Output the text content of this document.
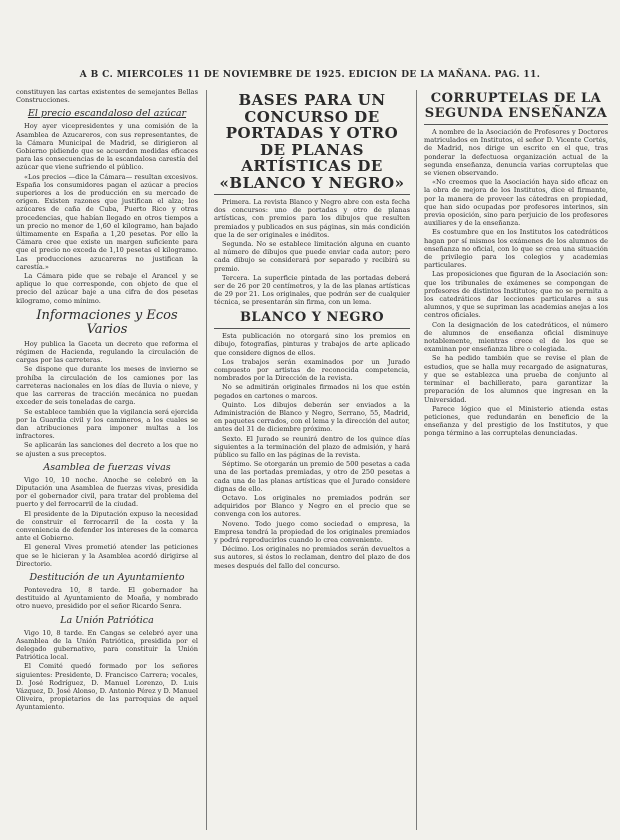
A B C. MIERCOLES 11 DE NOVIEMBRE DE 1925. EDICION DE LA MAÑANA. PAG. 11.

constituyen las cartas existentes de semejantes Bellas Construcciones.

El precio escandaloso del azúcar

Hoy ayer vicepresidentes y una comisión de la Asamblea de Azucareros, con sus representantes, de la Cámara Municipal de Madrid, se dirigieron al Gobierno pidiendo que se acuerden medidas eficaces para las consecuencias de la escandalosa carestía del azúcar que viene sufriendo el público.

«Los precios —dice la Cámara— resultan excesivos. España los consumidores pagan el azúcar a precios superiores a los de producción en su mercado de origen. Existen razones que justifican el alza; los azúcares de caña de Cuba, Puerto Rico y otras procedencias, que habían llegado en otros tiempos a un precio no menor de 1,60 el kilogramo, han bajado últimamente en España a 1,20 pesetas. Por ello la Cámara cree que existe un margen suficiente para que el precio no exceda de 1,10 pesetas el kilogramo. Las producciones azucareras no justifican la carestía.»

La Cámara pide que se rebaje el Arancel y se aplique lo que corresponde, con objeto de que el precio del azúcar baje a una cifra de dos pesetas kilogramo, como mínimo.

Informaciones y Ecos Varios

Hoy publica la Gaceta un decreto que reforma el régimen de Hacienda, regulando la circulación de cargas por las carreteras.

Se dispone que durante los meses de invierno se prohíba la circulación de los camiones por las carreteras nacionales en los días de lluvia o nieve, y que las carreras de tracción mecánica no puedan exceder de seis toneladas de carga.

Se establece también que la vigilancia será ejercida por la Guardia civil y los camineros, a los cuales se dan atribuciones para imponer multas a los infractores.

Se aplicarán las sanciones del decreto a los que no se ajusten a sus preceptos.

Asamblea de fuerzas vivas

Vigo 10, 10 noche. Anoche se celebró en la Diputación una Asamblea de fuerzas vivas, presidida por el gobernador civil, para tratar del problema del puerto y del ferrocarril de la ciudad.

El presidente de la Diputación expuso la necesidad de construir el ferrocarril de la costa y la conveniencia de defender los intereses de la comarca ante el Gobierno.

El general Vives prometió atender las peticiones que se le hicieran y la Asamblea acordó dirigirse al Directorio.

Destitución de un Ayuntamiento

Pontevedra 10, 8 tarde. El gobernador ha destituido al Ayuntamiento de Moaña, y nombrado otro nuevo, presidido por el señor Ricardo Senra.

La Unión Patriótica

Vigo 10, 8 tarde. En Cangas se celebró ayer una Asamblea de la Unión Patriótica, presidida por el delegado gubernativo, para constituir la Unión Patriótica local.

El Comité quedó formado por los señores siguientes: Presidente, D. Francisco Carrera; vocales, D. José Rodríguez, D. Manuel Lorenzo, D. Luis Vázquez, D. José Alonso, D. Antonio Pérez y D. Manuel Oliveira, propietarios de las parroquias de aquel Ayuntamiento.

BASES PARA UN CONCURSO DE PORTADAS Y OTRO DE PLANAS ARTÍSTICAS DE «BLANCO Y NEGRO»

Primera. La revista Blanco y Negro abre con esta fecha dos concursos: uno de portadas y otro de planas artísticas, con premios para los dibujos que resulten premiados y publicados en sus páginas, sin más condición que la de ser originales e inéditos.

Segunda. No se establece limitación alguna en cuanto al número de dibujos que puede enviar cada autor; pero cada dibujo se considerará por separado y recibirá su premio.

Tercera. La superficie pintada de las portadas deberá ser de 26 por 20 centímetros, y la de las planas artísticas de 29 por 21. Los originales, que podrán ser de cualquier técnica, se presentarán sin firma, con un lema.

BLANCO Y NEGRO

Esta publicación no otorgará sino los premios en dibujo, fotografías, pinturas y trabajos de arte aplicado que considere dignos de ellos.

Los trabajos serán examinados por un Jurado compuesto por artistas de reconocida competencia, nombrados por la Dirección de la revista.

No se admitirán originales firmados ni los que estén pegados en cartones o marcos.

Quinto. Los dibujos deberán ser enviados a la Administración de Blanco y Negro, Serrano, 55, Madrid, en paquetes cerrados, con el lema y la dirección del autor, antes del 31 de diciembre próximo.

Sexto. El Jurado se reunirá dentro de los quince días siguientes a la terminación del plazo de admisión, y hará público su fallo en las páginas de la revista.

Séptimo. Se otorgarán un premio de 500 pesetas a cada una de las portadas premiadas, y otro de 250 pesetas a cada una de las planas artísticas que el Jurado considere dignas de ello.

Octavo. Los originales no premiados podrán ser adquiridos por Blanco y Negro en el precio que se convenga con los autores.

Noveno. Todo juego como sociedad o empresa, la Empresa tendrá la propiedad de los originales premiados y podrá reproducirlos cuando lo crea conveniente.

Décimo. Los originales no premiados serán devueltos a sus autores, si éstos lo reclaman, dentro del plazo de dos meses después del fallo del concurso.

CORRUPTELAS DE LA SEGUNDA ENSEÑANZA

A nombre de la Asociación de Profesores y Doctores matriculados en Institutos, el señor D. Vicente Cortés, de Madrid, nos dirige un escrito en el que, tras ponderar la defectuosa organización actual de la segunda enseñanza, denuncia varias corruptelas que se vienen observando.

«No creemos que la Asociación haya sido eficaz en la obra de mejora de los Institutos, dice el firmante, por la manera de proveer las cátedras en propiedad, que han sido ocupadas por profesores interinos, sin previa oposición, sino para perjuicio de los profesores auxiliares y de la enseñanza.

Es costumbre que en los Institutos los catedráticos hagan por sí mismos los exámenes de los alumnos de enseñanza no oficial, con lo que se crea una situación de privilegio para los colegios y academias particulares.

Las proposiciones que figuran de la Asociación son: que los tribunales de exámenes se compongan de profesores de distintos Institutos; que no se permita a los catedráticos dar lecciones particulares a sus alumnos, y que se supriman las academias anejas a los centros oficiales.

Con la designación de los catedráticos, el número de alumnos de enseñanza oficial disminuye notablemente, mientras crece el de los que se examinan por enseñanza libre o colegiada.

Se ha pedido también que se revise el plan de estudios, que se halla muy recargado de asignaturas, y que se establezca una prueba de conjunto al terminar el bachillerato, para garantizar la preparación de los alumnos que ingresan en la Universidad.

Parece lógico que el Ministerio atienda estas peticiones, que redundarán en beneficio de la enseñanza y del prestigio de los Institutos, y que ponga término a las corruptelas denunciadas.
